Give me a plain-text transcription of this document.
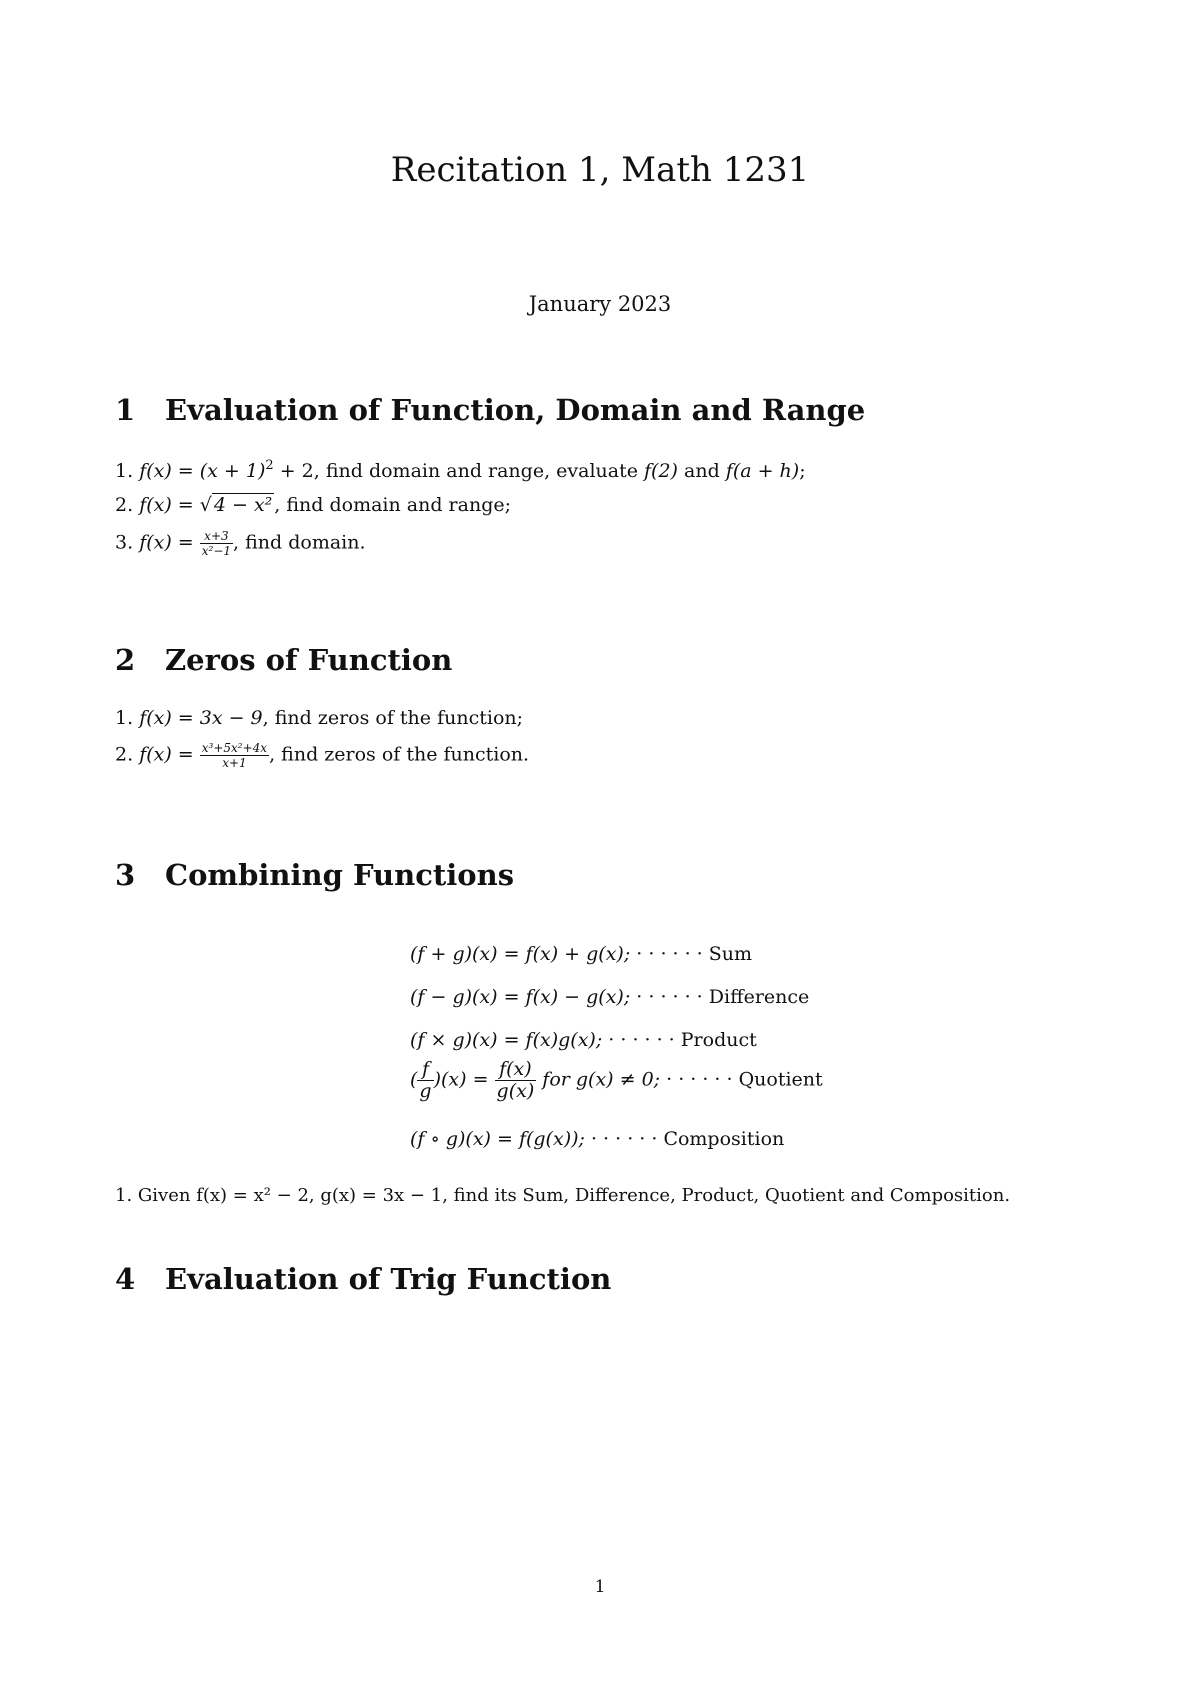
Recitation 1, Math 1231
January 2023
1 Evaluation of Function, Domain and Range
1. $f(x) = (x + 1)^2 + 2$, find domain and range, evaluate f(2) and f(a + h);
2. f(x) = √ 4 − x² , find domain and range;
3. $f(x) = \frac{x+3}{\text{x²−1}}$ , find domain.
2 Zeros of Function
1. f(x) = 3x − 9, find zeros of the function;
2. $f(x) = \frac{\text{x³+5x²+4x}}{x+1}$ , find zeros of the function.
3 Combining Functions
(f + g)(x) = f(x) + g(x); · · · · · · Sum
(f − g)(x) = f(x) − g(x); · · · · · · Difference
(f × g)(x) = f(x)g(x); · · · · · · Product
( $\frac{f}{g} )(x) = \frac{f(x)}{g(x)}$ for g(x) ≠ 0; · · · · · · Quotient
(f ∘ g)(x) = f(g(x)); · · · · · · Composition
1. Given f(x) = x² − 2, g(x) = 3x − 1, find its Sum, Difference, Product, Quotient and Composition.
4 Evaluation of Trig Function
1
